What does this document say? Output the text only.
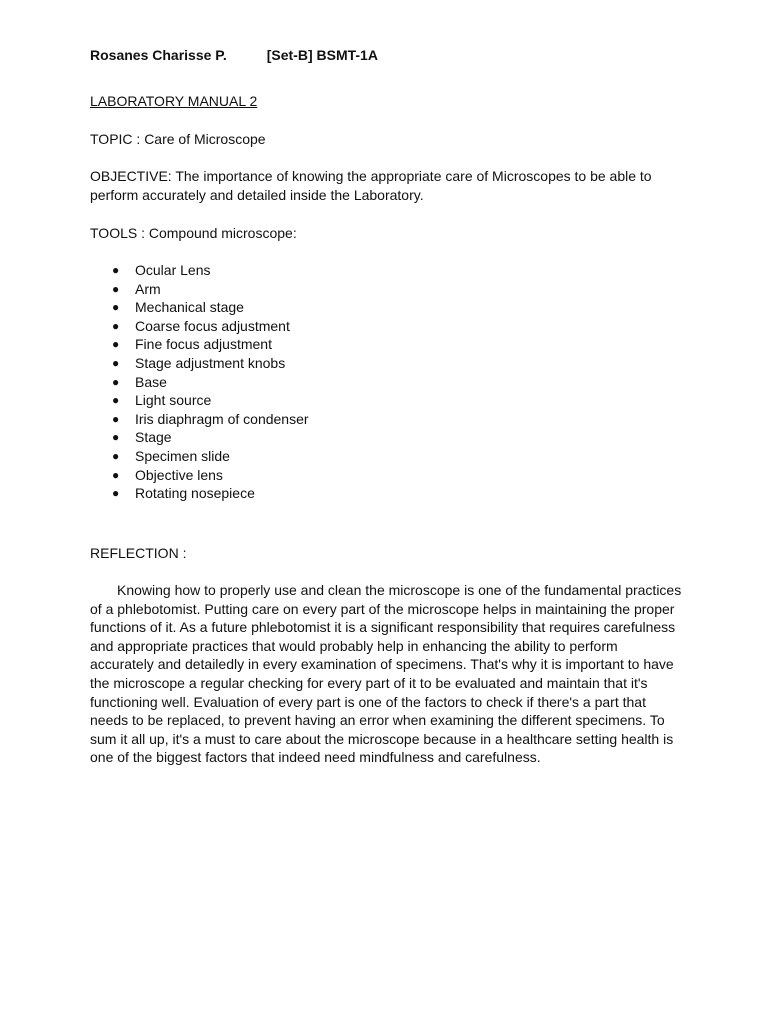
Rosanes Charisse P.	[Set-B] BSMT-1A
LABORATORY MANUAL 2
TOPIC : Care of Microscope
OBJECTIVE: The importance of knowing the appropriate care of Microscopes to be able to perform accurately and detailed inside the Laboratory.
TOOLS : Compound microscope:
● Ocular Lens
● Arm
● Mechanical stage
● Coarse focus adjustment
● Fine focus adjustment
● Stage adjustment knobs
● Base
● Light source
● Iris diaphragm of condenser
● Stage
● Specimen slide
● Objective lens
● Rotating nosepiece
REFLECTION :
Knowing how to properly use and clean the microscope is one of the fundamental practices of a phlebotomist. Putting care on every part of the microscope helps in maintaining the proper functions of it. As a future phlebotomist it is a significant responsibility that requires carefulness and appropriate practices that would probably help in enhancing the ability to perform accurately and detailedly in every examination of specimens. That's why it is important to have the microscope a regular checking for every part of it to be evaluated and maintain that it's functioning well. Evaluation of every part is one of the factors to check if there's a part that needs to be replaced, to prevent having an error when examining the different specimens. To sum it all up, it's a must to care about the microscope because in a healthcare setting health is one of the biggest factors that indeed need mindfulness and carefulness.
